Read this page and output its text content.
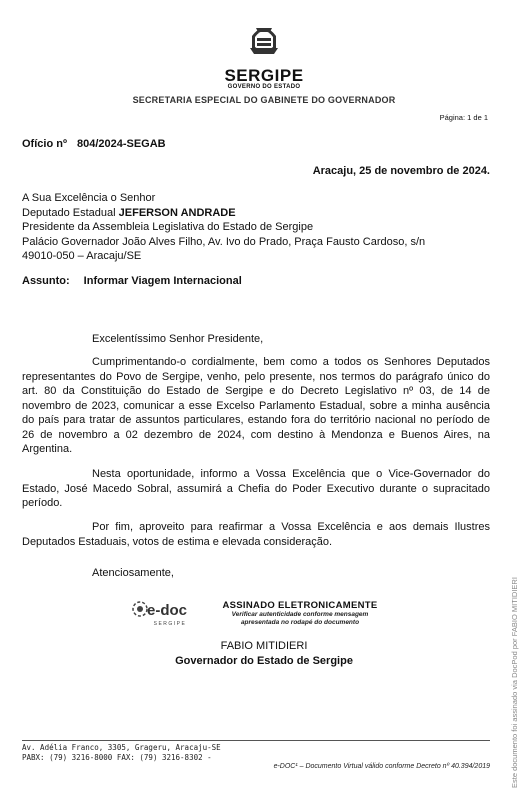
PODER
SERGIPE
GOVERNO DO ESTADO
SECRETARIA ESPECIAL DO GABINETE DO GOVERNADOR
Página: 1 de 1
Ofício nº 804/2024-SEGAB
Aracaju, 25 de novembro de 2024.
A Sua Excelência o Senhor
Deputado Estadual JEFERSON ANDRADE
Presidente da Assembleia Legislativa do Estado de Sergipe
Palácio Governador João Alves Filho, Av. Ivo do Prado, Praça Fausto Cardoso, s/n
49010-050 – Aracaju/SE
Assunto: Informar Viagem Internacional

Excelentíssimo Senhor Presidente,

Cumprimentando-o cordialmente, bem como a todos os Senhores Deputados representantes do Povo de Sergipe, venho, pelo presente, nos termos do parágrafo único do art. 80 da Constituição do Estado de Sergipe e do Decreto Legislativo nº 03, de 14 de novembro de 2023, comunicar a esse Excelso Parlamento Estadual, sobre a minha ausência do país para tratar de assuntos particulares, estando fora do território nacional no período de 26 de novembro a 02 dezembro de 2024, com destino à Mendonza e Buenos Aires, na Argentina.

Nesta oportunidade, informo a Vossa Excelência que o Vice-Governador do Estado, José Macedo Sobral, assumirá a Chefia do Poder Executivo durante o supracitado período.

Por fim, aproveito para reafirmar a Vossa Excelência e aos demais Ilustres Deputados Estaduais, votos de estima e elevada consideração.

Atenciosamente,

e-doc
SERGIPE
ASSINADO ELETRONICAMENTE
Verificar autenticidade conforme mensagem
apresentada no rodapé do documento
FABIO MITIDIERI
Governador do Estado de Sergipe
Av. Adélia Franco, 3305, Grageru, Aracaju-SE
PABX: (79) 3216-8000 FAX: (79) 3216-8302 -
e-DOC¹ – Documento Virtual válido conforme Decreto nº 40.394/2019	Este documento foi assinado via DocPod por FABIO MITIDIERI
